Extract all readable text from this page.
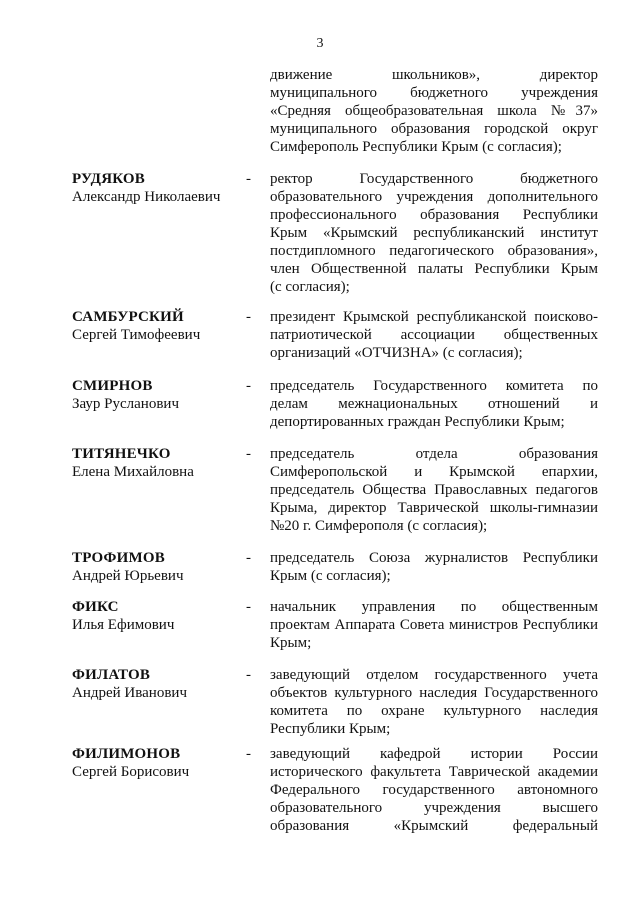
3
движение школьников», директор
муниципального бюджетного учреждения
«Средняя общеобразовательная школа №37»
муниципального образования городской округ
Симферополь Республики Крым (с согласия);
РУДЯКОВ
Александр Николаевич
- ректор Государственного бюджетного
образовательного учреждения дополнительного
профессионального образования Республики
Крым «Крымский республиканский институт
постдипломного педагогического образования»,
член Общественной палаты Республики Крым
(с согласия);
САМБУРСКИЙ
Сергей Тимофеевич
- президент Крымской республиканской поисково-
патриотической ассоциации общественных
организаций «ОТЧИЗНА» (с согласия);
СМИРНОВ
Заур Русланович
- председатель Государственного комитета по
делам межнациональных отношений и
депортированных граждан Республики Крым;
ТИТЯНЕЧКО
Елена Михайловна
- председатель отдела образования
Симферопольской и Крымской епархии,
председатель Общества Православных педагогов
Крыма, директор Таврической школы-гимназии
№20 г. Симферополя (с согласия);
ТРОФИМОВ
Андрей Юрьевич
- председатель Союза журналистов Республики
Крым (с согласия);
ФИКС
Илья Ефимович
- начальник управления по общественным
проектам Аппарата Совета министров Республики
Крым;
ФИЛАТОВ
Андрей Иванович
- заведующий отделом государственного учета
объектов культурного наследия Государственного
комитета по охране культурного наследия
Республики Крым;
ФИЛИМОНОВ
Сергей Борисович
- заведующий кафедрой истории России
исторического факультета Таврической академии
Федерального государственного автономного
образовательного учреждения высшего
образования «Крымский федеральный
